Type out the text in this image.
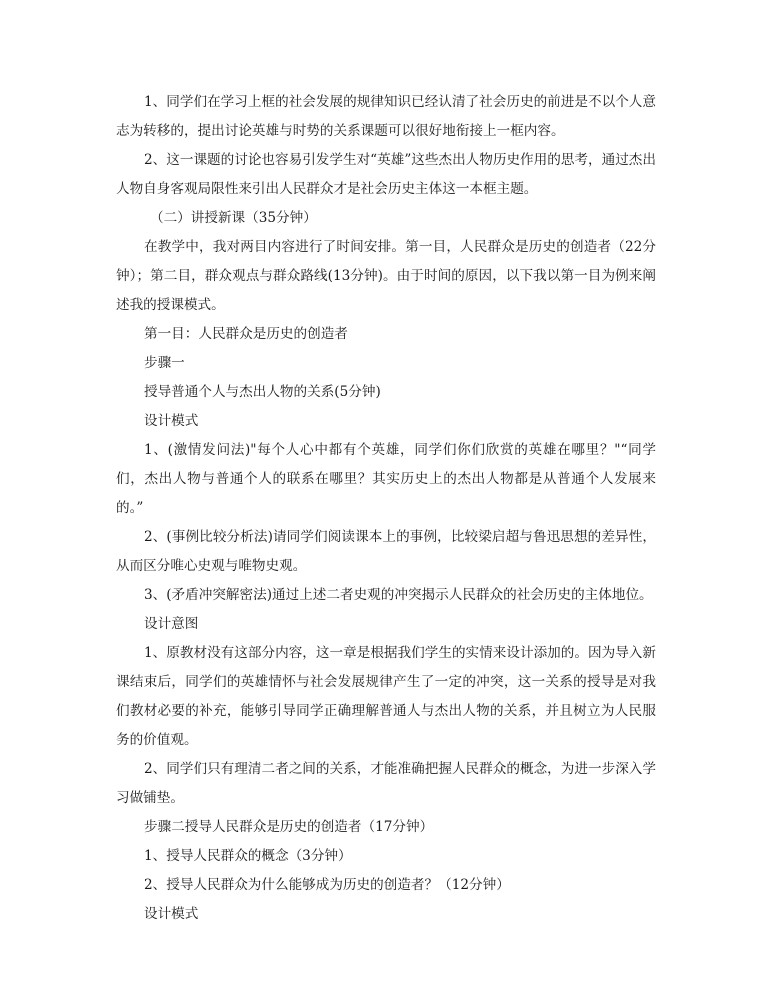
1、同学们在学习上框的社会发展的规律知识已经认清了社会历史的前进是不以个人意志为转移的，提出讨论英雄与时势的关系课题可以很好地衔接上一框内容。

2、这一课题的讨论也容易引发学生对“英雄”这些杰出人物历史作用的思考，通过杰出人物自身客观局限性来引出人民群众才是社会历史主体这一本框主题。

（二）讲授新课（35分钟）

在教学中，我对两目内容进行了时间安排。第一目，人民群众是历史的创造者（22分钟）；第二目，群众观点与群众路线(13分钟)。由于时间的原因，以下我以第一目为例来阐述我的授课模式。

第一目：人民群众是历史的创造者

步骤一

授导普通个人与杰出人物的关系(5分钟)

设计模式

1、(激情发问法)"每个人心中都有个英雄，同学们你们欣赏的英雄在哪里？"“同学们，杰出人物与普通个人的联系在哪里？其实历史上的杰出人物都是从普通个人发展来的。”

2、(事例比较分析法)请同学们阅读课本上的事例，比较梁启超与鲁迅思想的差异性，从而区分唯心史观与唯物史观。

3、(矛盾冲突解密法)通过上述二者史观的冲突揭示人民群众的社会历史的主体地位。

设计意图

1、原教材没有这部分内容，这一章是根据我们学生的实情来设计添加的。因为导入新课结束后，同学们的英雄情怀与社会发展规律产生了一定的冲突，这一关系的授导是对我们教材必要的补充，能够引导同学正确理解普通人与杰出人物的关系，并且树立为人民服务的价值观。

2、同学们只有理清二者之间的关系，才能准确把握人民群众的概念，为进一步深入学习做铺垫。

步骤二授导人民群众是历史的创造者（17分钟）

1、授导人民群众的概念（3分钟）

2、授导人民群众为什么能够成为历史的创造者？（12分钟）

设计模式
